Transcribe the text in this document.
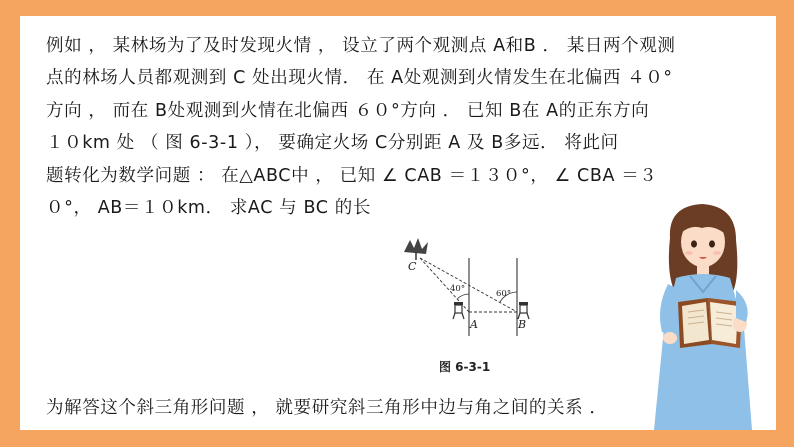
例如 ， 某林场为了及时发现火情 ， 设立了两个观测点 A和B ． 某日两个观测
点的林场人员都观测到 C 处出现火情． 在 A处观测到火情发生在北偏西 ４０°
方向 ， 而在 B处观测到火情在北偏西 ６０°方向 ． 已知 B在 A的正东方向
１０km 处 （ 图 6-3-1 ）， 要确定火场 C分别距 A 及 B多远． 将此问
题转化为数学问题 ： 在△ABC中 ， 已知 ∠ CAB ＝１３０°， ∠ CBA ＝３
０°， AB＝１０km． 求AC 与 BC 的长
C
40°	60°
A	B
图 6-3-1
为解答这个斜三角形问题 ， 就要研究斜三角形中边与角之间的关系 ．
